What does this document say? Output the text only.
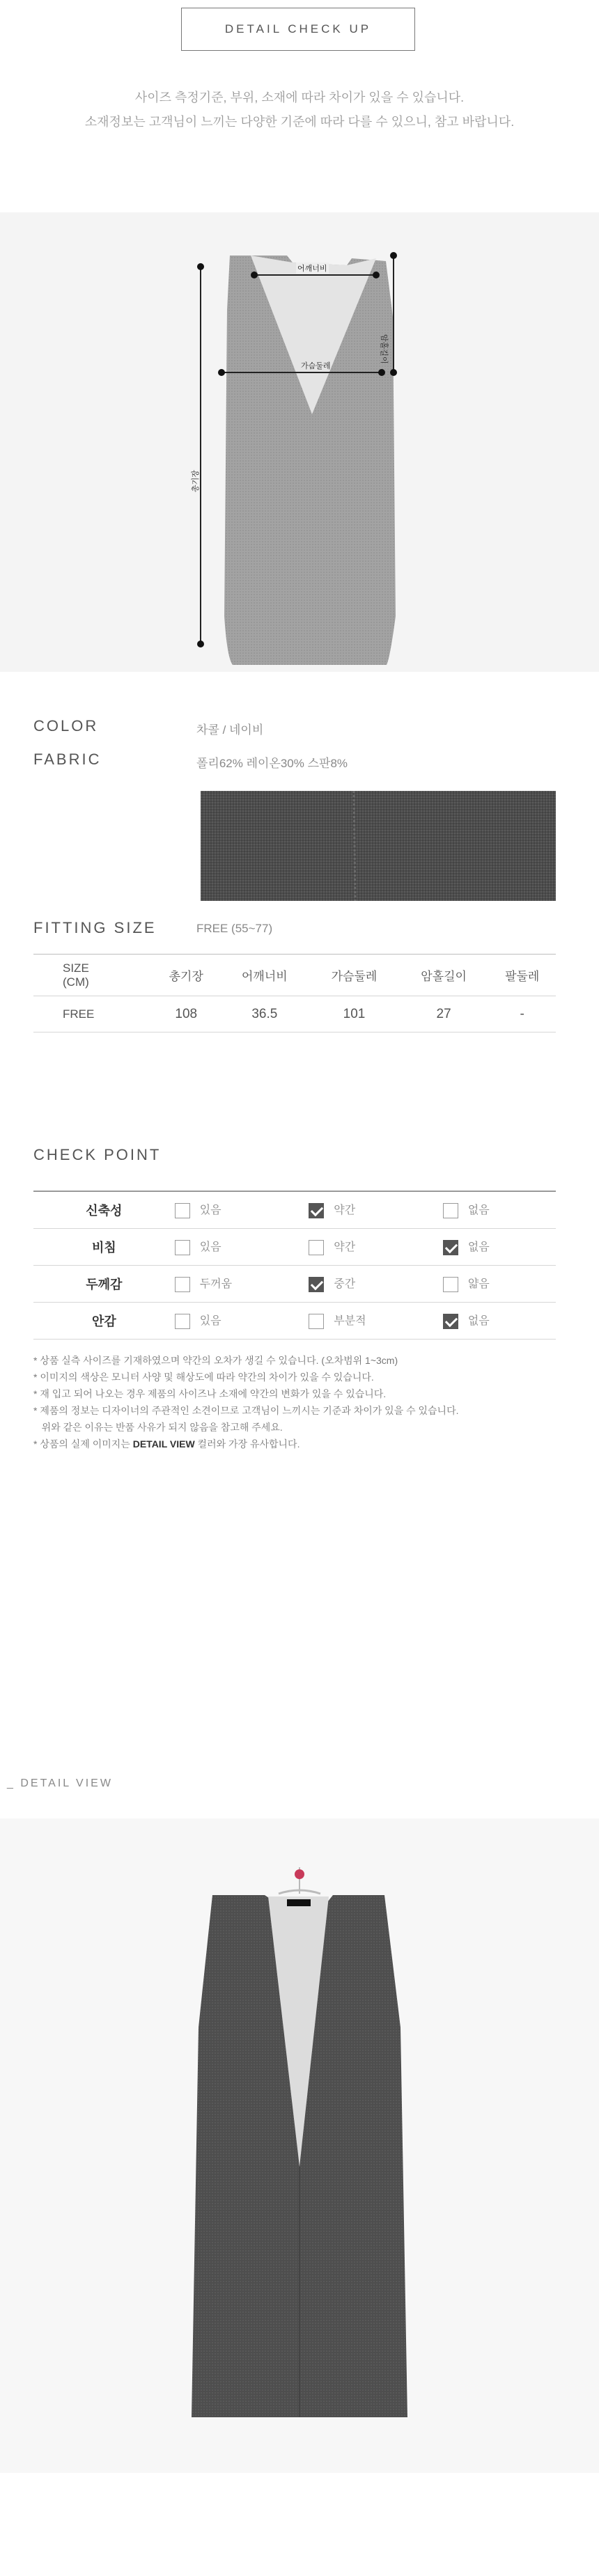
DETAIL CHECK UP
사이즈 측정기준, 부위, 소재에 따라 차이가 있을 수 있습니다.
소재정보는 고객님이 느끼는 다양한 기준에 따라 다를 수 있으니, 참고 바랍니다.
어깨너비
가슴둘레
암홀길이
총기장
COLOR	차콜 / 네이비
FABRIC	폴리62% 레이온30% 스판8%
FITTING SIZE	FREE (55~77)
SIZE
(CM)	총기장	어깨너비	가슴둘레	암홀길이	팔둘레
FREE	108	36.5	101	27	-
CHECK POINT
신축성	있음	약간	없음
비침	있음	약간	없음
두께감	두꺼움	중간	얇음
안감	있음	부분적	없음
* 상품 실측 사이즈를 기재하였으며 약간의 오차가 생길 수 있습니다. (오차범위 1~3cm)
* 이미지의 색상은 모니터 사양 및 해상도에 따라 약간의 차이가 있을 수 있습니다.
* 재 입고 되어 나오는 경우 제품의 사이즈나 소재에 약간의 변화가 있을 수 있습니다.
* 제품의 정보는 디자이너의 주관적인 소견이므로 고객님이 느끼시는 기준과 차이가 있을 수 있습니다.
위와 같은 이유는 반품 사유가 되지 않음을 참고해 주세요.
* 상품의 실제 이미지는 DETAIL VIEW 컬러와 가장 유사합니다.
_ DETAIL VIEW
